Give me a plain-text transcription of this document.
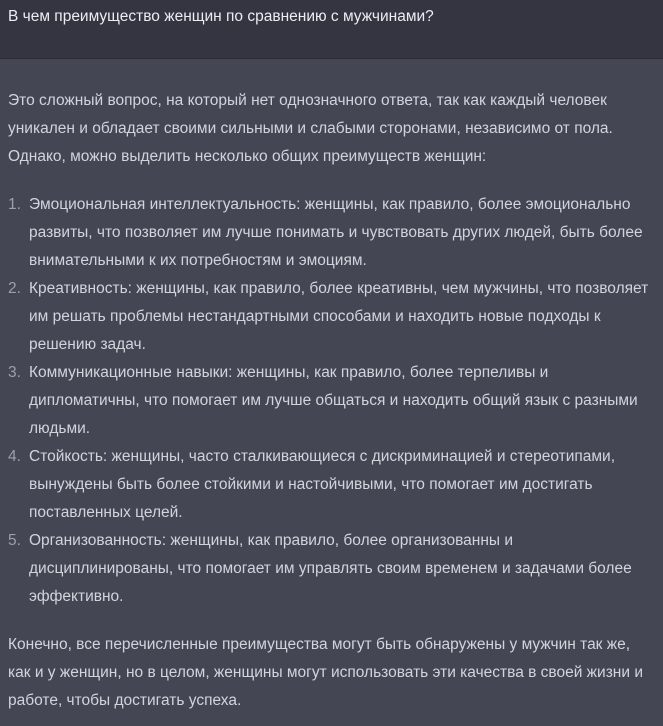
В чем преимущество женщин по сравнению с мужчинами?

Это сложный вопрос, на который нет однозначного ответа, так как каждый человек уникален и обладает своими сильными и слабыми сторонами, независимо от пола. Однако, можно выделить несколько общих преимуществ женщин:

1. Эмоциональная интеллектуальность: женщины, как правило, более эмоционально развиты, что позволяет им лучше понимать и чувствовать других людей, быть более внимательными к их потребностям и эмоциям.
2. Креативность: женщины, как правило, более креативны, чем мужчины, что позволяет им решать проблемы нестандартными способами и находить новые подходы к решению задач.
3. Коммуникационные навыки: женщины, как правило, более терпеливы и дипломатичны, что помогает им лучше общаться и находить общий язык с разными людьми.
4. Стойкость: женщины, часто сталкивающиеся с дискриминацией и стереотипами, вынуждены быть более стойкими и настойчивыми, что помогает им достигать поставленных целей.
5. Организованность: женщины, как правило, более организованны и дисциплинированы, что помогает им управлять своим временем и задачами более эффективно.

Конечно, все перечисленные преимущества могут быть обнаружены у мужчин так же, как и у женщин, но в целом, женщины могут использовать эти качества в своей жизни и работе, чтобы достигать успеха.
